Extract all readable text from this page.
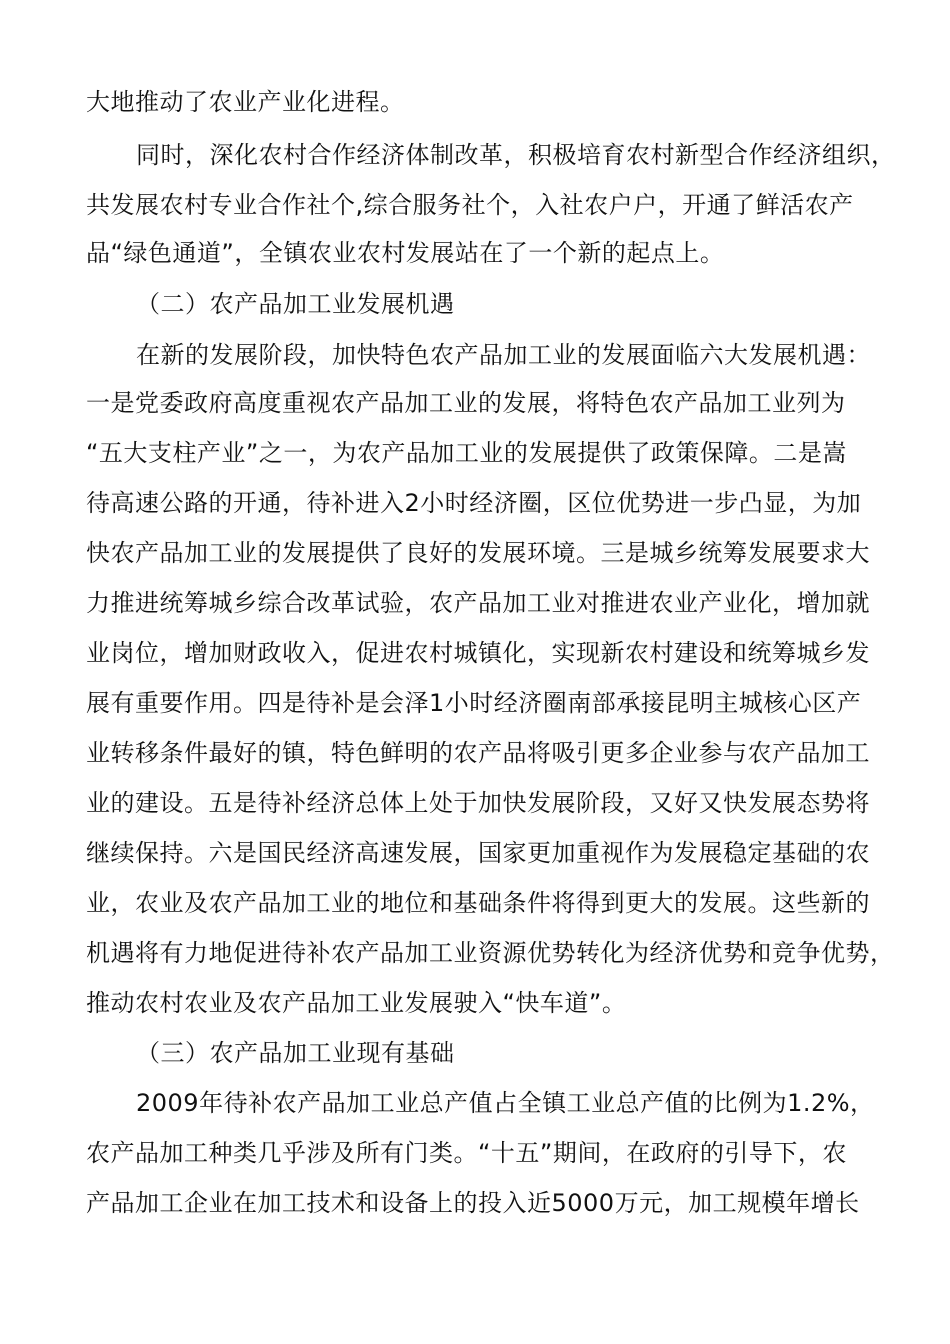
大地推动了农业产业化进程。
同时，深化农村合作经济体制改革，积极培育农村新型合作经济组织，
共发展农村专业合作社个,综合服务社个，入社农户户，开通了鲜活农产
品“绿色通道”，全镇农业农村发展站在了一个新的起点上。
（二）农产品加工业发展机遇
在新的发展阶段，加快特色农产品加工业的发展面临六大发展机遇：
一是党委政府高度重视农产品加工业的发展，将特色农产品加工业列为
“五大支柱产业”之一，为农产品加工业的发展提供了政策保障。二是嵩
待高速公路的开通，待补进入2小时经济圈，区位优势进一步凸显，为加
快农产品加工业的发展提供了良好的发展环境。三是城乡统筹发展要求大
力推进统筹城乡综合改革试验，农产品加工业对推进农业产业化，增加就
业岗位，增加财政收入，促进农村城镇化，实现新农村建设和统筹城乡发
展有重要作用。四是待补是会泽1小时经济圈南部承接昆明主城核心区产
业转移条件最好的镇，特色鲜明的农产品将吸引更多企业参与农产品加工
业的建设。五是待补经济总体上处于加快发展阶段，又好又快发展态势将
继续保持。六是国民经济高速发展，国家更加重视作为发展稳定基础的农
业，农业及农产品加工业的地位和基础条件将得到更大的发展。这些新的
机遇将有力地促进待补农产品加工业资源优势转化为经济优势和竞争优势，
推动农村农业及农产品加工业发展驶入“快车道”。
（三）农产品加工业现有基础
2009年待补农产品加工业总产值占全镇工业总产值的比例为1.2%，
农产品加工种类几乎涉及所有门类。“十五”期间，在政府的引导下，农
产品加工企业在加工技术和设备上的投入近5000万元，加工规模年增长
